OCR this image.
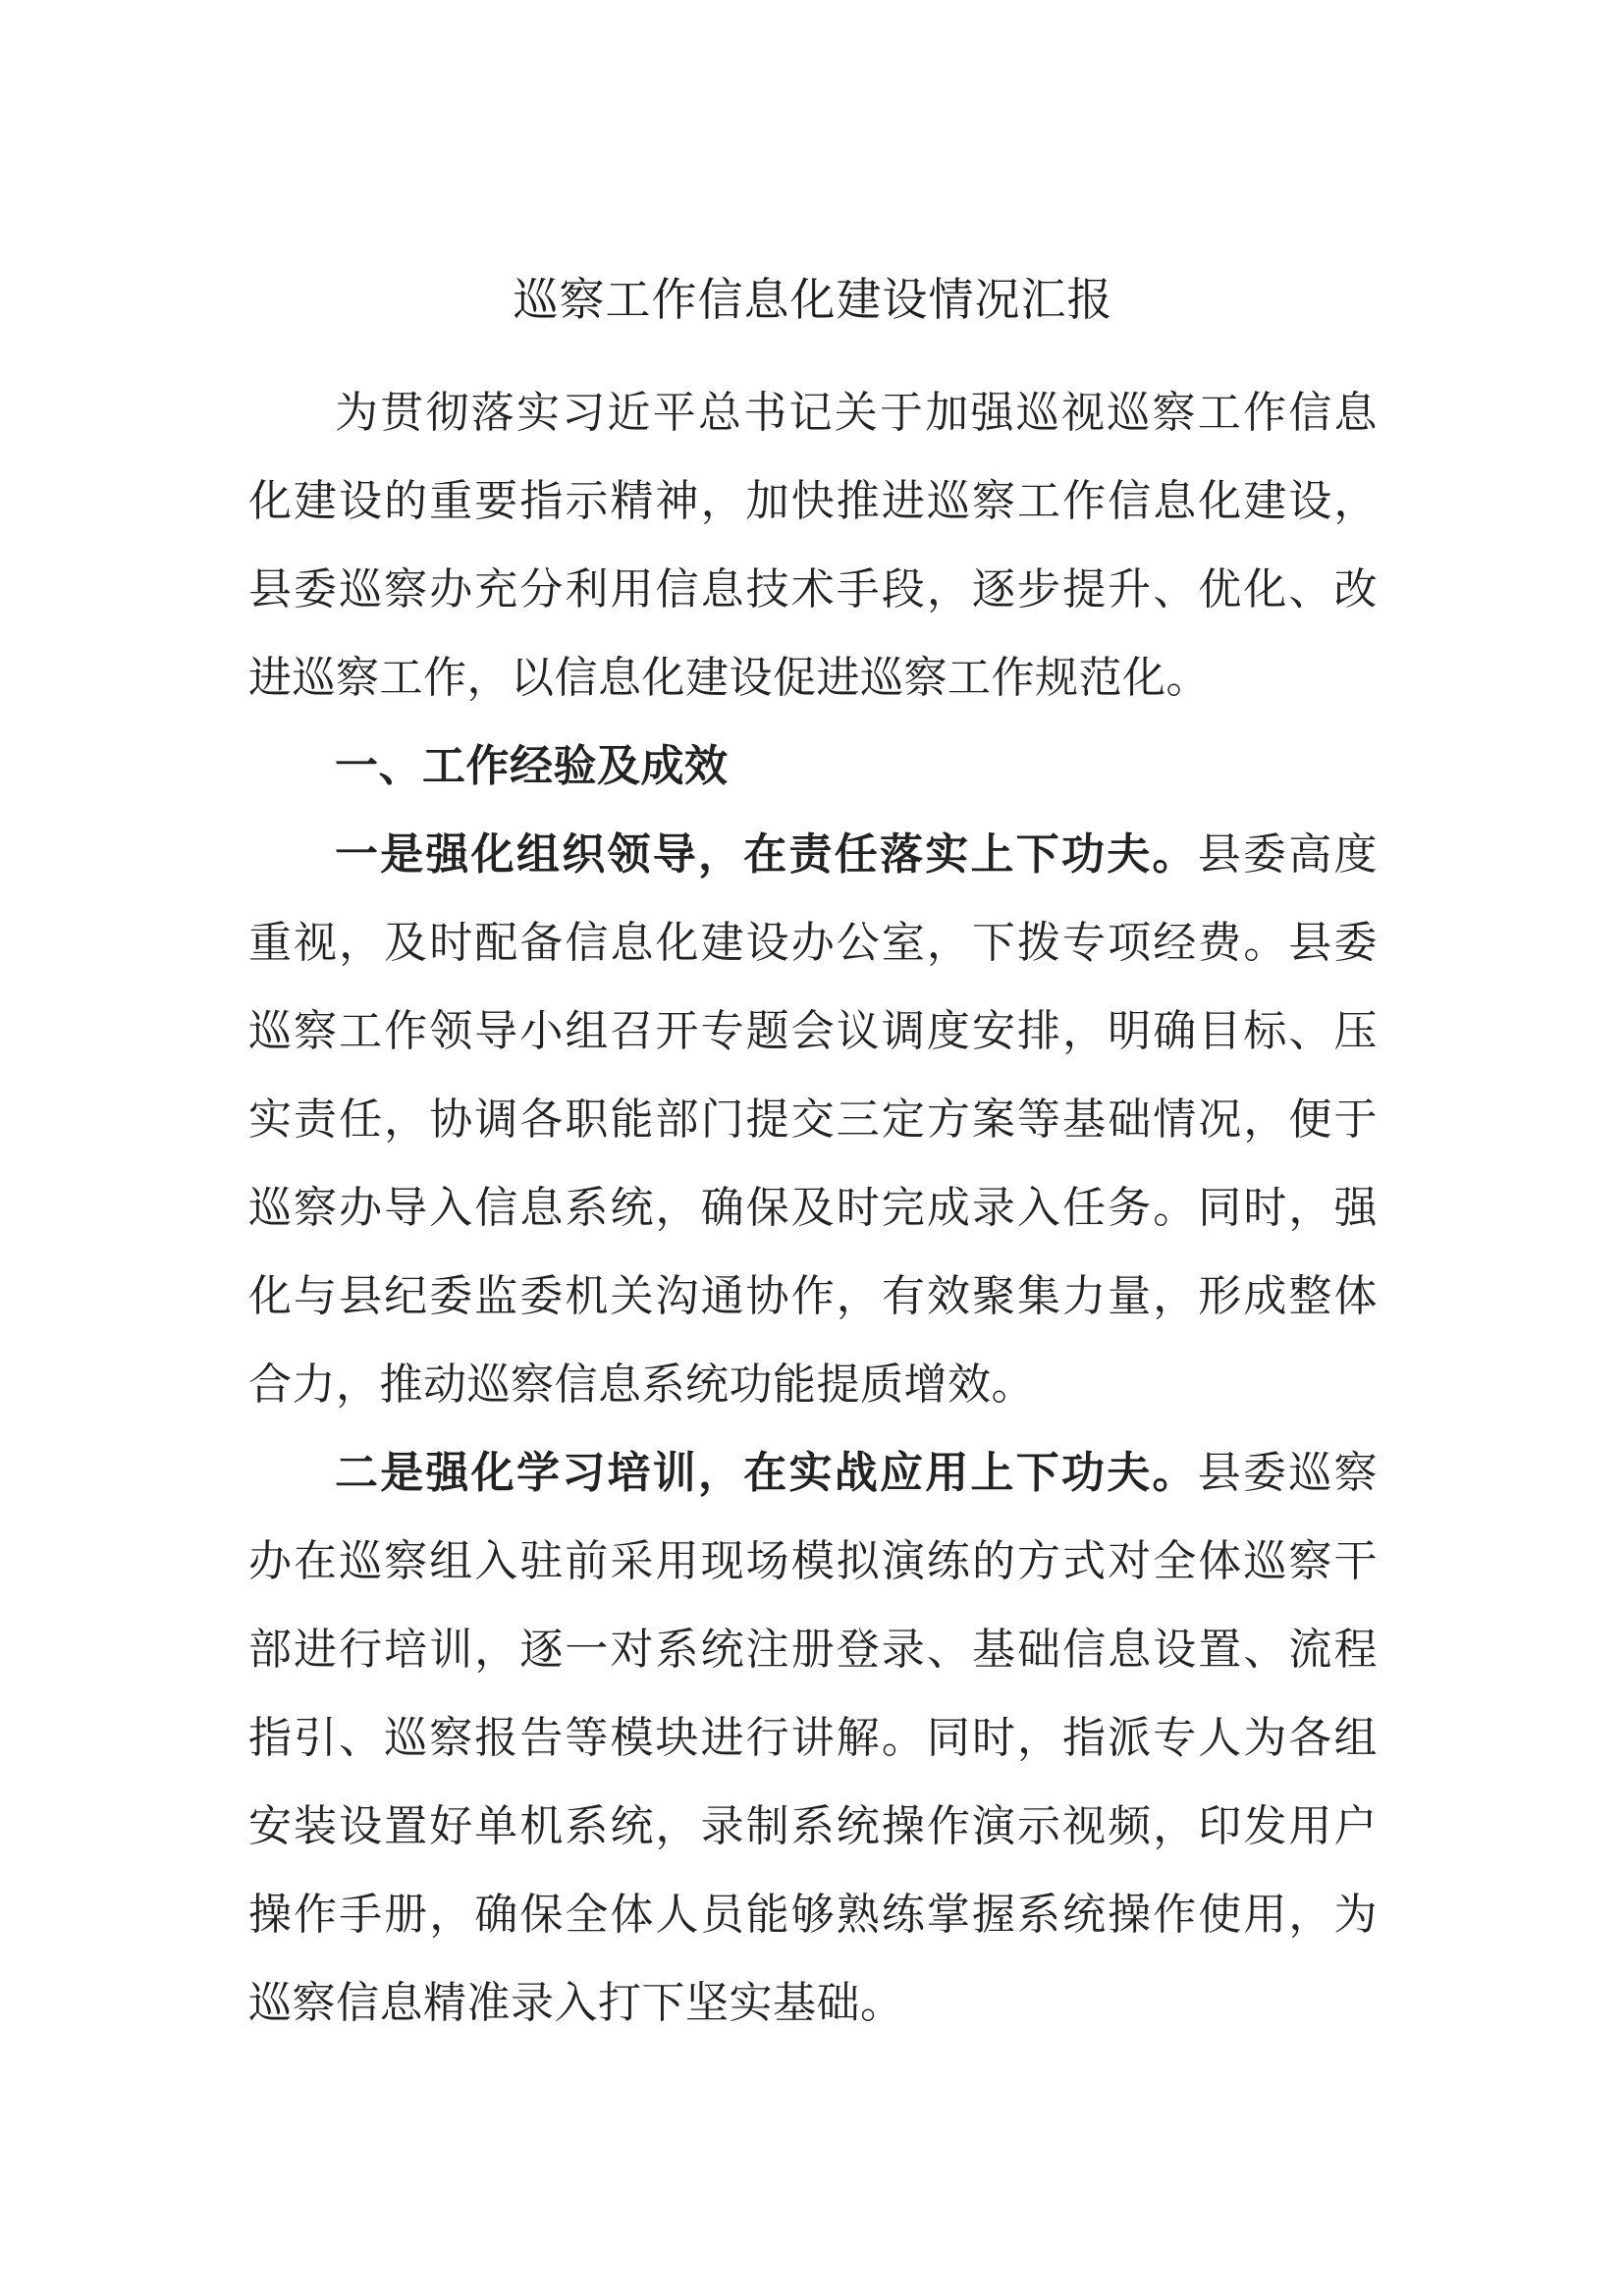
巡察工作信息化建设情况汇报

为贯彻落实习近平总书记关于加强巡视巡察工作信息化建设的重要指示精神，加快推进巡察工作信息化建设，县委巡察办充分利用信息技术手段，逐步提升、优化、改进巡察工作，以信息化建设促进巡察工作规范化。

一、工作经验及成效

一是强化组织领导，在责任落实上下功夫。县委高度重视，及时配备信息化建设办公室，下拨专项经费。县委巡察工作领导小组召开专题会议调度安排，明确目标、压实责任，协调各职能部门提交三定方案等基础情况，便于巡察办导入信息系统，确保及时完成录入任务。同时，强化与县纪委监委机关沟通协作，有效聚集力量，形成整体合力，推动巡察信息系统功能提质增效。

二是强化学习培训，在实战应用上下功夫。县委巡察办在巡察组入驻前采用现场模拟演练的方式对全体巡察干部进行培训，逐一对系统注册登录、基础信息设置、流程指引、巡察报告等模块进行讲解。同时，指派专人为各组安装设置好单机系统，录制系统操作演示视频，印发用户操作手册，确保全体人员能够熟练掌握系统操作使用，为巡察信息精准录入打下坚实基础。
